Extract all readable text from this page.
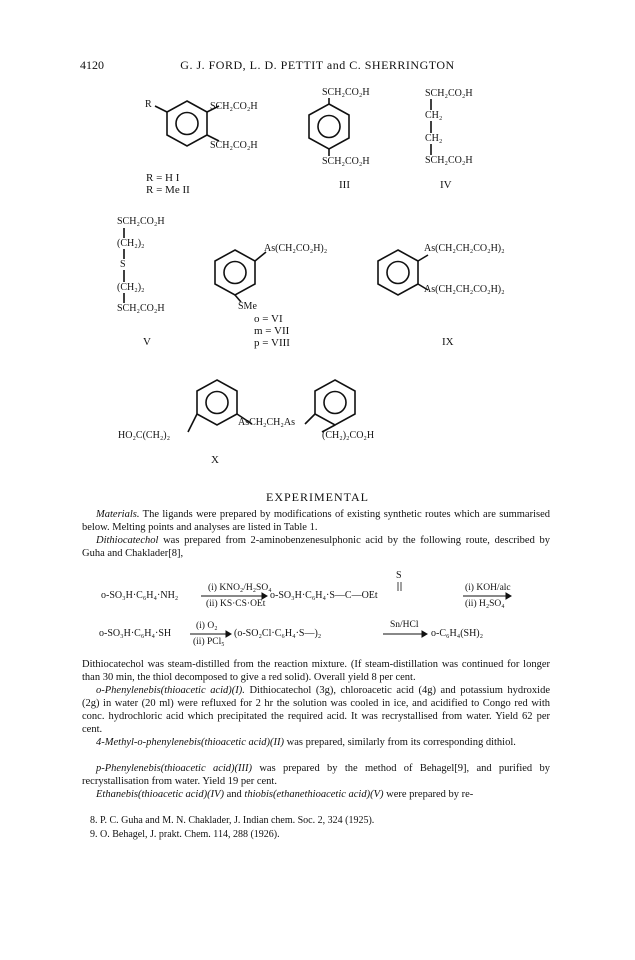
4120	G. J. FORD, L. D. PETTIT and C. SHERRINGTON
R	SCH₂CO₂H
SCH₂CO₂H
R = H I
R = Me II
SCH₂CO₂H
SCH₂CO₂H
III
SCH₂CO₂H
CH₂
CH₂
SCH₂CO₂H
IV
SCH₂CO₂H
(CH₂)₂
S
(CH₂)₂
SCH₂CO₂H
V
As(CH₂CO₂H)₂
SMe
o = VI
m = VII
p = VIII
As(CH₂CH₂CO₂H)₂
As(CH₂CH₂CO₂H)₂
IX
AsCH₂CH₂As
HO₂C(CH₂)₂	(CH₂)₂CO₂H
X
EXPERIMENTAL
Materials. The ligands were prepared by modifications of existing synthetic routes which are summarised below. Melting points and analyses are listed in Table 1.
Dithiocatechol was prepared from 2-aminobenzenesulphonic acid by the following route, described by Guha and Chaklader[8],
o-SO₃H·C₆H₄·NH₂
(i) KNO₂/H₂SO₄
(ii) KS·CS·OEt
S
o-SO₃H·C₆H₄·S—C—OEt
(i) KOH/alc
(ii) H₂SO₄
o-SO₃H·C₆H₄·SH
(i) O₂
(ii) PCl₅
(o-SO₂Cl·C₆H₄·S—)₂
Sn/HCl
o-C₆H₄(SH)₂
Dithiocatechol was steam-distilled from the reaction mixture. (If steam-distillation was continued for longer than 30 min, the thiol decomposed to give a red solid). Overall yield 8 per cent.
o-Phenylenebis(thioacetic acid)(I). Dithiocatechol (3g), chloroacetic acid (4g) and potassium hydroxide (2g) in water (20 ml) were refluxed for 2 hr the solution was cooled in ice, and acidified to Congo red with conc. hydrochloric acid which precipitated the required acid. It was recrystallised from water. Yield 62 per cent.
4-Methyl-o-phenylenebis(thioacetic acid)(II) was prepared, similarly from its corresponding dithiol.
p-Phenylenebis(thioacetic acid)(III) was prepared by the method of Behagel[9], and purified by recrystallisation from water. Yield 19 per cent.
Ethanebis(thioacetic acid)(IV) and thiobis(ethanethioacetic acid)(V) were prepared by re-
8. P. C. Guha and M. N. Chaklader, J. Indian chem. Soc. 2, 324 (1925).
9. O. Behagel, J. prakt. Chem. 114, 288 (1926).
